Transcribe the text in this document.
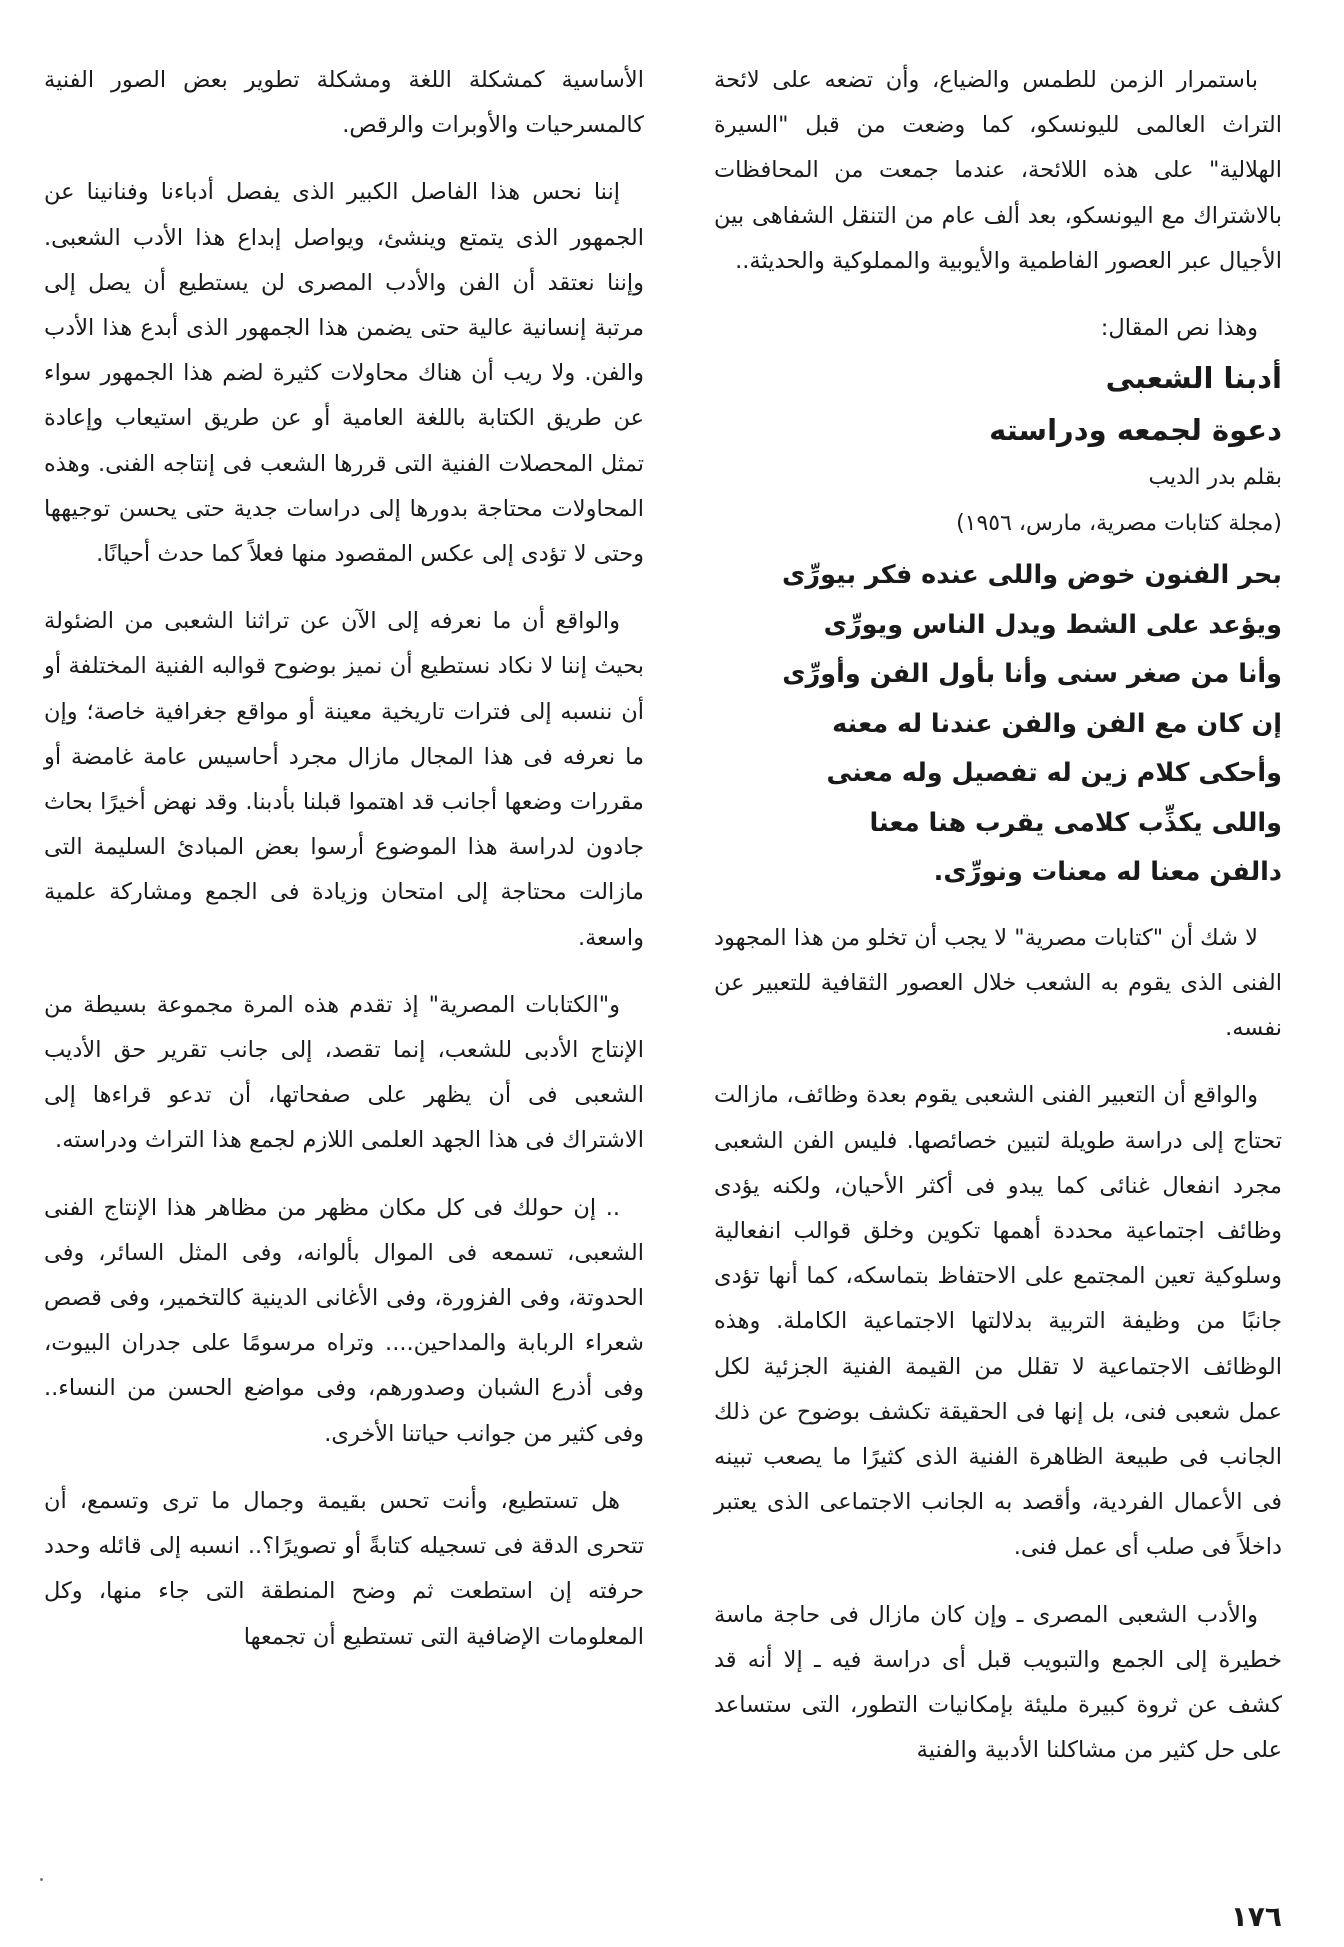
باستمرار الزمن للطمس والضياع، وأن تضعه على لائحة التراث العالمى لليونسكو، كما وضعت من قبل "السيرة الهلالية" على هذه اللائحة، عندما جمعت من المحافظات بالاشتراك مع اليونسكو، بعد ألف عام من التنقل الشفاهى بين الأجيال عبر العصور الفاطمية والأيوبية والمملوكية والحديثة..

وهذا نص المقال:

أدبنا الشعبى

دعوة لجمعه ودراسته

بقلم بدر الديب

(مجلة كتابات مصرية، مارس، ١٩٥٦)

بحر الفنون خوض واللى عنده فكر بيورِّى
ويؤعد على الشط ويدل الناس ويورِّى
وأنا من صغر سنى وأنا بأول الفن وأورِّى
إن كان مع الفن والفن عندنا له معنه
وأحكى كلام زين له تفصيل وله معنى
واللى يكذِّب كلامى يقرب هنا معنا
دالفن معنا له معنات ونورِّى.

لا شك أن "كتابات مصرية" لا يجب أن تخلو من هذا المجهود الفنى الذى يقوم به الشعب خلال العصور الثقافية للتعبير عن نفسه.

والواقع أن التعبير الفنى الشعبى يقوم بعدة وظائف، مازالت تحتاج إلى دراسة طويلة لتبين خصائصها. فليس الفن الشعبى مجرد انفعال غنائى كما يبدو فى أكثر الأحيان، ولكنه يؤدى وظائف اجتماعية محددة أهمها تكوين وخلق قوالب انفعالية وسلوكية تعين المجتمع على الاحتفاظ بتماسكه، كما أنها تؤدى جانبًا من وظيفة التربية بدلالتها الاجتماعية الكاملة. وهذه الوظائف الاجتماعية لا تقلل من القيمة الفنية الجزئية لكل عمل شعبى فنى، بل إنها فى الحقيقة تكشف بوضوح عن ذلك الجانب فى طبيعة الظاهرة الفنية الذى كثيرًا ما يصعب تبينه فى الأعمال الفردية، وأقصد به الجانب الاجتماعى الذى يعتبر داخلاً فى صلب أى عمل فنى.

والأدب الشعبى المصرى ـ وإن كان مازال فى حاجة ماسة خطيرة إلى الجمع والتبويب قبل أى دراسة فيه ـ إلا أنه قد كشف عن ثروة كبيرة مليئة بإمكانيات التطور، التى ستساعد على حل كثير من مشاكلنا الأدبية والفنية

الأساسية كمشكلة اللغة ومشكلة تطوير بعض الصور الفنية كالمسرحيات والأوبرات والرقص.

إننا نحس هذا الفاصل الكبير الذى يفصل أدباءنا وفنانينا عن الجمهور الذى يتمتع وينشئ، ويواصل إبداع هذا الأدب الشعبى. وإننا نعتقد أن الفن والأدب المصرى لن يستطيع أن يصل إلى مرتبة إنسانية عالية حتى يضمن هذا الجمهور الذى أبدع هذا الأدب والفن. ولا ريب أن هناك محاولات كثيرة لضم هذا الجمهور سواء عن طريق الكتابة باللغة العامية أو عن طريق استيعاب وإعادة تمثل المحصلات الفنية التى قررها الشعب فى إنتاجه الفنى. وهذه المحاولات محتاجة بدورها إلى دراسات جدية حتى يحسن توجيهها وحتى لا تؤدى إلى عكس المقصود منها فعلاً كما حدث أحيانًا.

والواقع أن ما نعرفه إلى الآن عن تراثنا الشعبى من الضئولة بحيث إننا لا نكاد نستطيع أن نميز بوضوح قوالبه الفنية المختلفة أو أن ننسبه إلى فترات تاريخية معينة أو مواقع جغرافية خاصة؛ وإن ما نعرفه فى هذا المجال مازال مجرد أحاسيس عامة غامضة أو مقررات وضعها أجانب قد اهتموا قبلنا بأدبنا. وقد نهض أخيرًا بحاث جادون لدراسة هذا الموضوع أرسوا بعض المبادئ السليمة التى مازالت محتاجة إلى امتحان وزيادة فى الجمع ومشاركة علمية واسعة.

و"الكتابات المصرية" إذ تقدم هذه المرة مجموعة بسيطة من الإنتاج الأدبى للشعب، إنما تقصد، إلى جانب تقرير حق الأديب الشعبى فى أن يظهر على صفحاتها، أن تدعو قراءها إلى الاشتراك فى هذا الجهد العلمى اللازم لجمع هذا التراث ودراسته.

.. إن حولك فى كل مكان مظهر من مظاهر هذا الإنتاج الفنى الشعبى، تسمعه فى الموال بألوانه، وفى المثل السائر، وفى الحدوتة، وفى الفزورة، وفى الأغانى الدينية كالتخمير، وفى قصص شعراء الربابة والمداحين.... وتراه مرسومًا على جدران البيوت، وفى أذرع الشبان وصدورهم، وفى مواضع الحسن من النساء.. وفى كثير من جوانب حياتنا الأخرى.

هل تستطيع، وأنت تحس بقيمة وجمال ما ترى وتسمع، أن تتحرى الدقة فى تسجيله كتابةً أو تصويرًا؟.. انسبه إلى قائله وحدد حرفته إن استطعت ثم وضح المنطقة التى جاء منها، وكل المعلومات الإضافية التى تستطيع أن تجمعها

١٧٦
